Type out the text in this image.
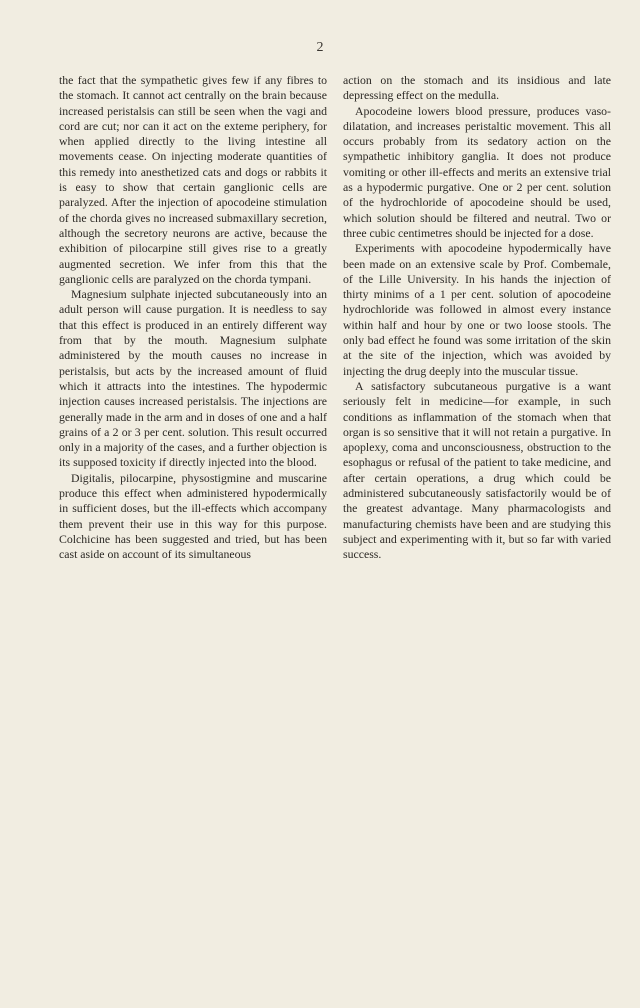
2

the fact that the sympathetic gives few if any fibres to the stomach. It cannot act centrally on the brain because increased peristalsis can still be seen when the vagi and cord are cut; nor can it act on the exteme periphery, for when applied directly to the living intestine all movements cease. On injecting moderate quantities of this remedy into anesthetized cats and dogs or rabbits it is easy to show that certain ganglionic cells are paralyzed. After the injection of apocodeine stimulation of the chorda gives no increased submaxillary secretion, although the secretory neurons are active, because the exhibition of pilocarpine still gives rise to a greatly augmented secretion. We infer from this that the ganglionic cells are paralyzed on the chorda tympani.

Magnesium sulphate injected subcutaneously into an adult person will cause purgation. It is needless to say that this effect is produced in an entirely different way from that by the mouth. Magnesium sulphate administered by the mouth causes no increase in peristalsis, but acts by the increased amount of fluid which it attracts into the intestines. The hypodermic injection causes increased peristalsis. The injections are generally made in the arm and in doses of one and a half grains of a 2 or 3 per cent. solution. This result occurred only in a majority of the cases, and a further objection is its supposed toxicity if directly injected into the blood.

Digitalis, pilocarpine, physostigmine and muscarine produce this effect when administered hypodermically in sufficient doses, but the ill-effects which accompany them prevent their use in this way for this purpose. Colchicine has been suggested and tried, but has been cast aside on account of its simultaneous

action on the stomach and its insidious and late depressing effect on the medulla.

Apocodeine lowers blood pressure, produces vaso-dilatation, and increases peristaltic movement. This all occurs probably from its sedatory action on the sympathetic inhibitory ganglia. It does not produce vomiting or other ill-effects and merits an extensive trial as a hypodermic purgative. One or 2 per cent. solution of the hydrochloride of apocodeine should be used, which solution should be filtered and neutral. Two or three cubic centimetres should be injected for a dose.

Experiments with apocodeine hypodermically have been made on an extensive scale by Prof. Combemale, of the Lille University. In his hands the injection of thirty minims of a 1 per cent. solution of apocodeine hydrochloride was followed in almost every instance within half and hour by one or two loose stools. The only bad effect he found was some irritation of the skin at the site of the injection, which was avoided by injecting the drug deeply into the muscular tissue.

A satisfactory subcutaneous purgative is a want seriously felt in medicine—for example, in such conditions as inflammation of the stomach when that organ is so sensitive that it will not retain a purgative. In apoplexy, coma and unconsciousness, obstruction to the esophagus or refusal of the patient to take medicine, and after certain operations, a drug which could be administered subcutaneously satisfactorily would be of the greatest advantage. Many pharmacologists and manufacturing chemists have been and are studying this subject and experimenting with it, but so far with varied success.
